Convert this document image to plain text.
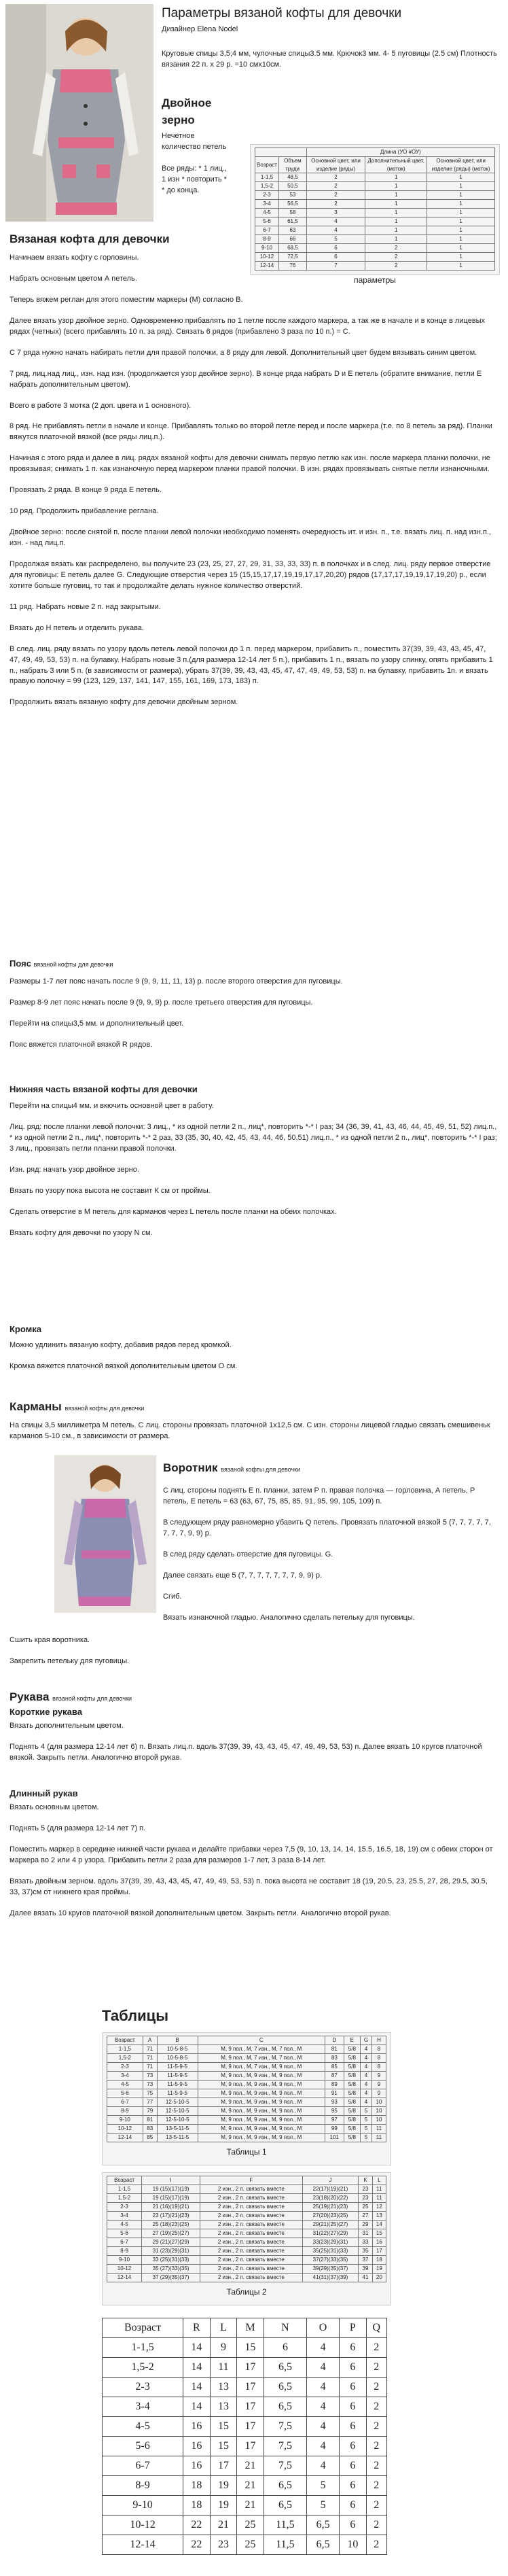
Параметры вязаной кофты для девочки
Дизайнер Elena Nodel
Круговые спицы 3,5;4 мм, чулочные спицы3.5 мм. Крючок3 мм. 4- 5 пуговицы (2.5 см) Плотность вязания 22 п. х 29 р. =10 смх10см.
Двойное зерно
Нечетное
количество петель
Все ряды: * 1 лиц.,
1 изн * повторить *
* до конца.
		Длина (УО #ОУ)		
Возраст	Объем груди	Основной цвет, или изделие (ряды)	Дополнительный цвет, (моток)	Основной цвет, или изделие (ряды) (моток)
1-1,5	48,5	2	1	1
1,5-2	50,5	2	1	1
2-3	53	2	1	1
3-4	56,5	2	1	1
4-5	58	3	1	1
5-6	61,5	4	1	1
6-7	63	4	1	1
8-9	66	5	1	1
9-10	68,5	6	2	1
10-12	72,5	6	2	1
12-14	76	7	2	1
параметры
Вязаная кофта для девочки

Начинаем вязать кофту с горловины.

Набрать основным цветом А петель.

Теперь вяжем реглан для этого поместим маркеры (М) согласно В.

Далее вязать узор двойное зерно. Одновременно прибавлять по 1 петле после каждого маркера, а так же в начале и в конце в лицевых рядах (четных) (всего прибавлять 10 п. за ряд). Связать 6 рядов (прибавлено 3 раза по 10 п.) = С.

С 7 ряда нужно начать набирать петли для правой полочки, а 8 ряду для левой. Дополнительный цвет будем вязывать синим цветом.

7 ряд, лиц.над лиц., изн. над изн. (продолжается узор двойное зерно). В конце ряда набрать D и Е петель (обратите внимание, петли Е набрать дополнительным цветом).

Всего в работе 3 мотка (2 доп. цвета и 1 основного).

8 ряд. Не прибавлять петли в начале и конце. Прибавлять только во второй петле перед и после маркера (т.е. по 8 петель за ряд). Планки вяжутся платочной вязкой (все ряды лиц.п.).

Начиная с этого ряда и далее в лиц. рядах вязаной кофты для девочки снимать первую петлю как изн. после маркера планки полочки, не провязывая; снимать 1 п. как изнаночную перед маркером планки правой полочки. В изн. рядах провязывать снятые петли изнаночными.

Провязать 2 ряда. В конце 9 ряда Е петель.

10 ряд. Продолжить прибавление реглана.

Двойное зерно: после снятой п. после планки левой полочки необходимо поменять очередность ит. и изн. п., т.е. вязать лиц. п. над изн.п., изн. - над лиц.п.

Продолжая вязать как распределено, вы получите 23 (23, 25, 27, 27, 29, 31, 33, 33, 33) п. в полочках и в след. лиц. ряду первое отверстие для пуговицы: Е петель далее G. Следующие отверстия через 15 (15,15,17,17,19,19,17,17,20,20) рядов (17,17,17,19,19,17,19,20) р., если хотите больше пуговиц, то так и продолжайте делать нужное количество отверстий.

11 ряд. Набрать новые 2 п. над закрытыми.

Вязать до Н петель и отделить рукава.

В след. лиц. ряду вязать по узору вдоль петель левой полочки до 1 п. перед маркером, прибавить п., поместить 37(39, 39, 43, 43, 45, 47, 47, 49, 49, 53, 53) п. на булавку. Набрать новые 3 п.(для размера 12-14 лет 5 п.), прибавить 1 п., вязать по узору спинку, опять прибавить 1 п., набрать 3 или 5 п. (в зависимости от размера), убрать 37(39, 39, 43, 43, 45, 47, 47, 49, 49, 53, 53) п. на булавку, прибавить 1п. и вязать правую полочку = 99 (123, 129, 137, 141, 147, 155, 161, 169, 173, 183) п.

Продолжить вязать вязаную кофту для девочки двойным зерном.

Пояс вязаной кофты для девочки

Размеры 1-7 лет пояс начать после 9 (9, 9, 11, 11, 13) р. после второго отверстия для пуговицы.

Размер 8-9 лет пояс начать после 9 (9, 9, 9) р. после третьего отверстия для пуговицы.

Перейти на спицы3,5 мм. и дополнительный цвет.

Пояс вяжется платочной вязкой R рядов.

Нижняя часть вязаной кофты для девочки

Перейти на спицы4 мм. и вкючить основной цвет в работу.

Лиц. ряд: после планки левой полочки: 3 лиц., * из одной петли 2 п., лиц*, повторить *-* I раз; 34 (36, 39, 41, 43, 46, 44, 45, 49, 51, 52) лиц.п., * из одной петли 2 п., лиц*, повторить *-* 2 раз, 33 (35, 30, 40, 42, 45, 43, 44, 46, 50,51) лиц.п., * из одной петли 2 п., лиц*, повторить *-* I раз; 3 лиц., провязать петли планки правой полочки.

Изн. ряд: начать узор двойное зерно.

Вязать по узору пока высота не составит К см от проймы.

Сделать отверстие в М петель для карманов через L петель после планки на обеих полочках.

Вязать кофту для девочки по узору N см.

Кромка

Можно удлинить вязаную кофту, добавив рядов перед кромкой.

Кромка вяжется платочной вязкой дополнительным цветом О см.

Карманы вязаной кофты для девочки
На спицы 3,5 миллиметра М петель. С лиц. стороны провязать платочной 1х12,5 см. С изн. стороны лицевой гладью связать смешивеньк карманов 5-10 см., в зависимости от размера.
Воротник вязаной кофты для девочки

С лиц. стороны поднять Е п. планки, затем Р п. правая полочка — горловина, А петель, Р петель, Е петель = 63 (63, 67, 75, 85, 85, 91, 95, 99, 105, 109) п.

В следующем ряду равномерно убавить Q петель. Провязать платочной вязкой 5 (7, 7, 7, 7, 7, 7, 7, 7, 9, 9) р.

В след ряду сделать отверстие для пуговицы. G.

Далее связать еще 5 (7, 7, 7, 7, 7, 7, 7, 9, 9) р.

Сгиб.

Вязать изнаночной гладью. Аналогично сделать петельку для пуговицы.

Сшить края воротника.

Закрепить петельку для пуговицы.

Рукава вязаной кофты для девочки
Короткие рукава

Вязать дополнительным цветом.

Поднять 4 (для размера 12-14 лет 6) п. Вязать лиц.п. вдоль 37(39, 39, 43, 43, 45, 47, 49, 49, 53, 53) п. Далее вязать 10 кругов платочной вязкой. Закрыть петли. Аналогично второй рукав.

Длинный рукав

Вязать основным цветом.

Поднять 5 (для размера 12-14 лет 7) п.

Поместить маркер в середине нижней части рукава и делайте прибавки через 7,5 (9, 10, 13, 14, 14, 15.5, 16.5, 18, 19) см с обеих сторон от маркера во 2 или 4 р узора. Прибавить петли 2 раза для размеров 1-7 лет, 3 раза 8-14 лет.

Вязать двойным зерном. вдоль 37(39, 39, 43, 43, 45, 47, 49, 49, 53, 53) п. пока высота не составит 18 (19, 20.5, 23, 25.5, 27, 28, 29.5, 30.5, 33, 37)см от нижнего края проймы.

Далее вязать 10 кругов платочной вязкой дополнительным цветом. Закрыть петли. Аналогично второй рукав.

Таблицы
Возраст	A	B	C	D	E	G	H
1-1,5	71	10-5-8-5	М, 9 пол., М, 7 изн., М, 7 пол., М	81	5/8	4	8
1,5-2	71	10-5-8-5	М, 9 пол., М, 7 изн., М, 7 пол., М	83	5/8	4	8
2-3	71	11-5-9-5	М, 9 пол., М, 7 изн., М, 9 пол., М	85	5/8	4	8
3-4	73	11-5-9-5	М, 9 пол., М, 9 изн., М, 9 пол., М	87	5/8	4	9
4-5	73	11-5-9-5	М, 9 пол., М, 9 изн., М, 9 пол., М	89	5/8	4	9
5-6	75	11-5-9-5	М, 9 пол., М, 9 изн., М, 9 пол., М	91	5/8	4	9
6-7	77	12-5-10-5	М, 9 пол., М, 9 изн., М, 9 пол., М	93	5/8	4	10
8-9	79	12-5-10-5	М, 9 пол., М, 9 изн., М, 9 пол., М	95	5/8	5	10
9-10	81	12-5-10-5	М, 9 пол., М, 9 изн., М, 9 пол., М	97	5/8	5	10
10-12	83	13-5-11-5	М, 9 пол., М, 9 изн., М, 9 пол., М	99	5/8	5	11
12-14	85	13-5-11-5	М, 9 пол., М, 9 изн., М, 9 пол., М	101	5/8	5	11
Таблицы 1
Возраст	I	F	J	K	L
1-1,5	19 (15)(17)(19)	2 изн., 2 п. связать вместе	22(17)(19)(21)	23	11
1,5-2	19 (15)(17)(19)	2 изн., 2 п. связать вместе	23(18)(20)(22)	23	11
2-3	21 (16)(19)(21)	2 изн., 2 п. связать вместе	25(19)(21)(23)	25	12
3-4	23 (17)(21)(23)	2 изн., 2 п. связать вместе	27(20)(23)(25)	27	13
4-5	25 (18)(23)(25)	2 изн., 2 п. связать вместе	29(21)(25)(27)	29	14
5-6	27 (19)(25)(27)	2 изн., 2 п. связать вместе	31(22)(27)(29)	31	15
6-7	29 (21)(27)(29)	2 изн., 2 п. связать вместе	33(23)(29)(31)	33	16
8-9	31 (23)(29)(31)	2 изн., 2 п. связать вместе	35(25)(31)(33)	35	17
9-10	33 (25)(31)(33)	2 изн., 2 п. связать вместе	37(27)(33)(35)	37	18
10-12	35 (27)(33)(35)	2 изн., 2 п. связать вместе	39(29)(35)(37)	39	19
12-14	37 (29)(35)(37)	2 изн., 2 п. связать вместе	41(31)(37)(39)	41	20
Таблицы 2
Возраст	R	L	M	N	O	P	Q
1-1,5	14	9	15	6	4	6	2
1,5-2	14	11	17	6,5	4	6	2
2-3	14	13	17	6,5	4	6	2
3-4	14	13	17	6,5	4	6	2
4-5	16	15	17	7,5	4	6	2
5-6	16	15	17	7,5	4	6	2
6-7	16	17	21	7,5	4	6	2
8-9	18	19	21	6,5	5	6	2
9-10	18	19	21	6,5	5	6	2
10-12	22	21	25	11,5	6,5	6	2
12-14	22	23	25	11,5	6,5	10	2
